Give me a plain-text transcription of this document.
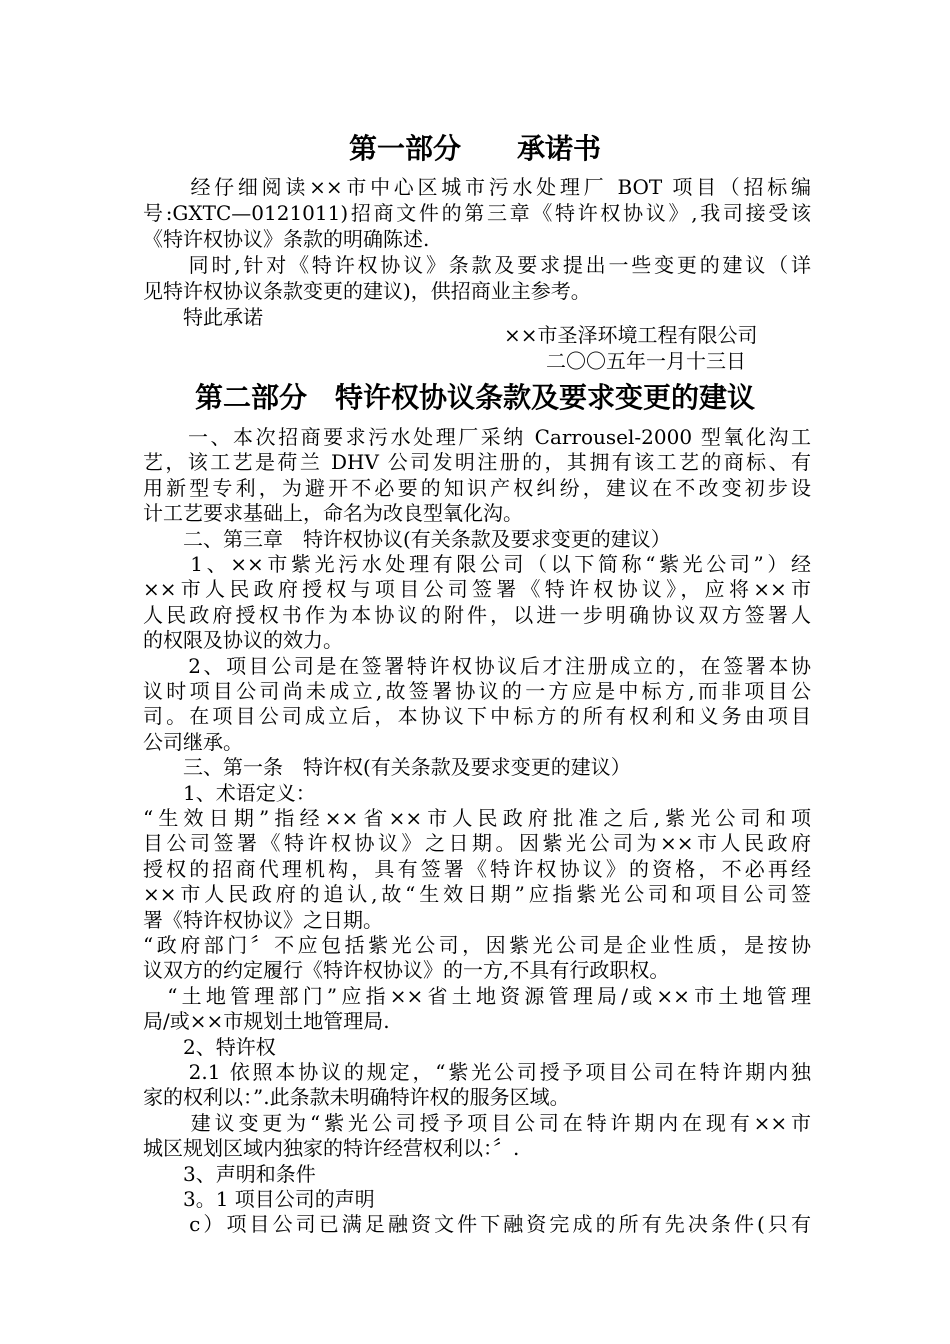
第一部分　　承诺书
　　经仔细阅读××市中心区城市污水处理厂 BOT 项目（招标编
号:GXTC—0121011)招商文件的第三章《特许权协议》,我司接受该
《特许权协议》条款的明确陈述.
　　同时,针对《特许权协议》条款及要求提出一些变更的建议（详
见特许权协议条款变更的建议)，供招商业主参考。
　　特此承诺
××市圣泽环境工程有限公司
二〇〇五年一月十三日
第二部分　特许权协议条款及要求变更的建议
　　一、本次招商要求污水处理厂采纳 Carrousel-2000 型氧化沟工
艺，该工艺是荷兰 DHV 公司发明注册的，其拥有该工艺的商标、有
用新型专利，为避开不必要的知识产权纠纷，建议在不改变初步设
计工艺要求基础上，命名为改良型氧化沟。
　　二、第三章　特许权协议(有关条款及要求变更的建议）
　　1、××市紫光污水处理有限公司（以下简称“紫光公司”）经
××市人民政府授权与项目公司签署《特许权协议》，应将××市
人民政府授权书作为本协议的附件，以进一步明确协议双方签署人
的权限及协议的效力。
　　2、项目公司是在签署特许权协议后才注册成立的，在签署本协
议时项目公司尚未成立,故签署协议的一方应是中标方,而非项目公
司。在项目公司成立后，本协议下中标方的所有权利和义务由项目
公司继承。
　　三、第一条　特许权(有关条款及要求变更的建议）
　　1、术语定义：
“生效日期”指经××省××市人民政府批准之后,紫光公司和项
目公司签署《特许权协议》之日期。因紫光公司为××市人民政府
授权的招商代理机构，具有签署《特许权协议》的资格，不必再经
××市人民政府的追认,故“生效日期”应指紫光公司和项目公司签
署《特许权协议》之日期。
“政府部门〞不应包括紫光公司，因紫光公司是企业性质，是按协
议双方的约定履行《特许权协议》的一方,不具有行政职权。
　“土地管理部门”应指××省土地资源管理局/或××市土地管理
局/或××市规划土地管理局.
　　2、特许权
　　2.1 依照本协议的规定，“紫光公司授予项目公司在特许期内独
家的权利以：”.此条款未明确特许权的服务区域。
　　建议变更为“紫光公司授予项目公司在特许期内在现有××市
城区规划区域内独家的特许经营权利以：〞.
　　3、声明和条件
　　3。1 项目公司的声明
　　c）项目公司已满足融资文件下融资完成的所有先决条件(只有
